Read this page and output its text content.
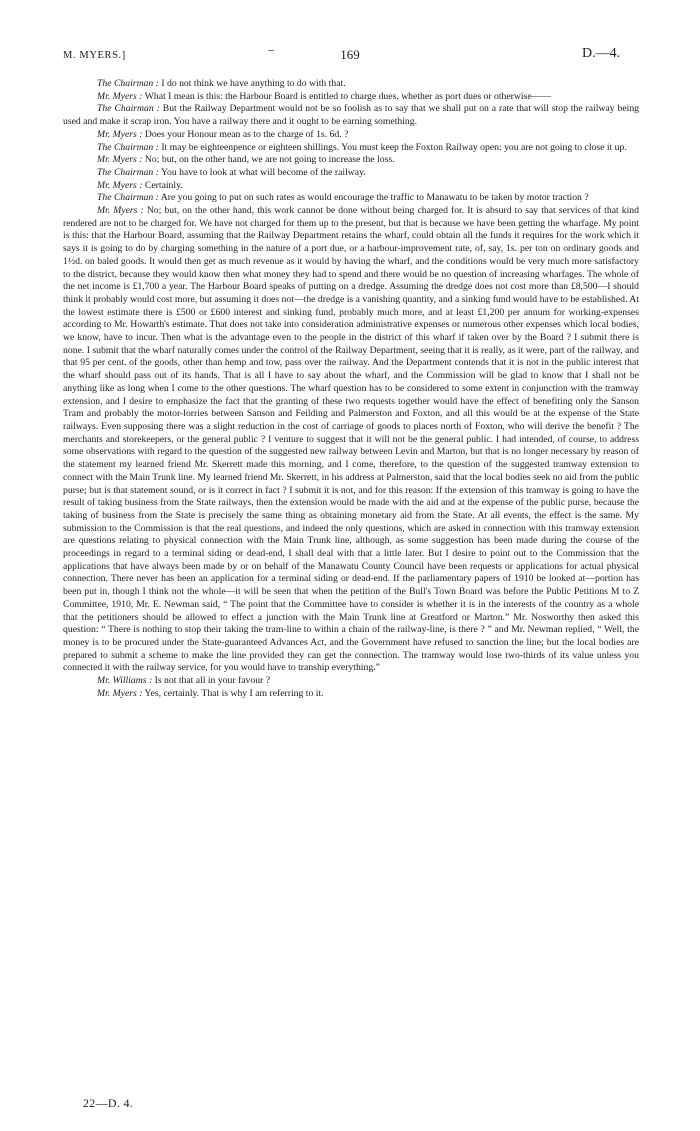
M. MYERS.]	–	169	D.—4.

The Chairman : I do not think we have anything to do with that.

Mr. Myers : What I mean is this: the Harbour Board is entitled to charge dues, whether as port dues or otherwise——

The Chairman : But the Railway Department would not be so foolish as to say that we shall put on a rate that will stop the railway being used and make it scrap iron. You have a railway there and it ought to be earning something.

Mr. Myers : Does your Honour mean as to the charge of 1s. 6d. ?

The Chairman : It may be eighteenpence or eighteen shillings. You must keep the Foxton Railway open: you are not going to close it up.

Mr. Myers : No; but, on the other hand, we are not going to increase the loss.

The Chairman : You have to look at what will become of the railway.

Mr. Myers : Certainly.

The Chairman : Are you going to put on such rates as would encourage the traffic to Manawatu to be taken by motor traction ?

Mr. Myers : No; but, on the other hand, this work cannot be done without being charged for. It is absurd to say that services of that kind rendered are not to be charged for. We have not charged for them up to the present, but that is because we have been getting the wharfage. My point is this: that the Harbour Board, assuming that the Railway Department retains the wharf, could obtain all the funds it requires for the work which it says it is going to do by charging something in the nature of a port due, or a harbour-improvement rate, of, say, 1s. per ton on ordinary goods and 1½d. on baled goods. It would then get as much revenue as it would by having the wharf, and the conditions would be very much more satisfactory to the district, because they would know then what money they had to spend and there would be no question of increasing wharfages. The whole of the net income is £1,700 a year. The Harbour Board speaks of putting on a dredge. Assuming the dredge does not cost more than £8,500—I should think it probably would cost more, but assuming it does not—the dredge is a vanishing quantity, and a sinking fund would have to be established. At the lowest estimate there is £500 or £600 interest and sinking fund, probably much more, and at least £1,200 per annum for working-expenses according to Mr. Howarth's estimate. That does not take into consideration administrative expenses or numerous other expenses which local bodies, we know, have to incur. Then what is the advantage even to the people in the district of this wharf if taken over by the Board ? I submit there is none. I submit that the wharf naturally comes under the control of the Railway Department, seeing that it is really, as it were, part of the railway, and that 95 per cent. of the goods, other than hemp and tow, pass over the railway. And the Department contends that it is not in the public interest that the wharf should pass out of its hands. That is all I have to say about the wharf, and the Commission will be glad to know that I shall not be anything like as long when I come to the other questions. The wharf question has to be considered to some extent in conjunction with the tramway extension, and I desire to emphasize the fact that the granting of these two requests together would have the effect of benefiting only the Sanson Tram and probably the motor-lorries between Sanson and Feilding and Palmerston and Foxton, and all this would be at the expense of the State railways. Even supposing there was a slight reduction in the cost of carriage of goods to places north of Foxton, who will derive the benefit ? The merchants and storekeepers, or the general public ? I venture to suggest that it will not be the general public. I had intended, of course, to address some observations with regard to the question of the suggested new railway between Levin and Marton, but that is no longer necessary by reason of the statement my learned friend Mr. Skerrett made this morning, and I come, therefore, to the question of the suggested tramway extension to connect with the Main Trunk line. My learned friend Mr. Skerrett, in his address at Palmerston, said that the local bodies seek no aid from the public purse; but is that statement sound, or is it correct in fact ? I submit it is not, and for this reason: If the extension of this tramway is going to have the result of taking business from the State railways, then the extension would be made with the aid and at the expense of the public purse, because the taking of business from the State is precisely the same thing as obtaining monetary aid from the State. At all events, the effect is the same. My submission to the Commission is that the real questions, and indeed the only questions, which are asked in connection with this tramway extension are questions relating to physical connection with the Main Trunk line, although, as some suggestion has been made during the course of the proceedings in regard to a terminal siding or dead-end, I shall deal with that a little later. But I desire to point out to the Commission that the applications that have always been made by or on behalf of the Manawatu County Council have been requests or applications for actual physical connection. There never has been an application for a terminal siding or dead-end. If the parliamentary papers of 1910 be looked at—portion has been put in, though I think not the whole—it will be seen that when the petition of the Bull's Town Board was before the Public Petitions M to Z Committee, 1910, Mr. E. Newman said, “ The point that the Committee have to consider is whether it is in the interests of the country as a whole that the petitioners should be allowed to effect a junction with the Main Trunk line at Greatford or Marton.” Mr. Nosworthy then asked this question: “ There is nothing to stop their taking the tram-line to within a chain of the railway-line, is there ? ” and Mr. Newman replied, “ Well, the money is to be procured under the State-guaranteed Advances Act, and the Government have refused to sanction the line; but the local bodies are prepared to submit a scheme to make the line provided they can get the connection. The tramway would lose two-thirds of its value unless you connected it with the railway service, for you would have to tranship everything.”

Mr. Williams : Is not that all in your favour ?

Mr. Myers : Yes, certainly. That is why I am referring to it.

22—D. 4.
